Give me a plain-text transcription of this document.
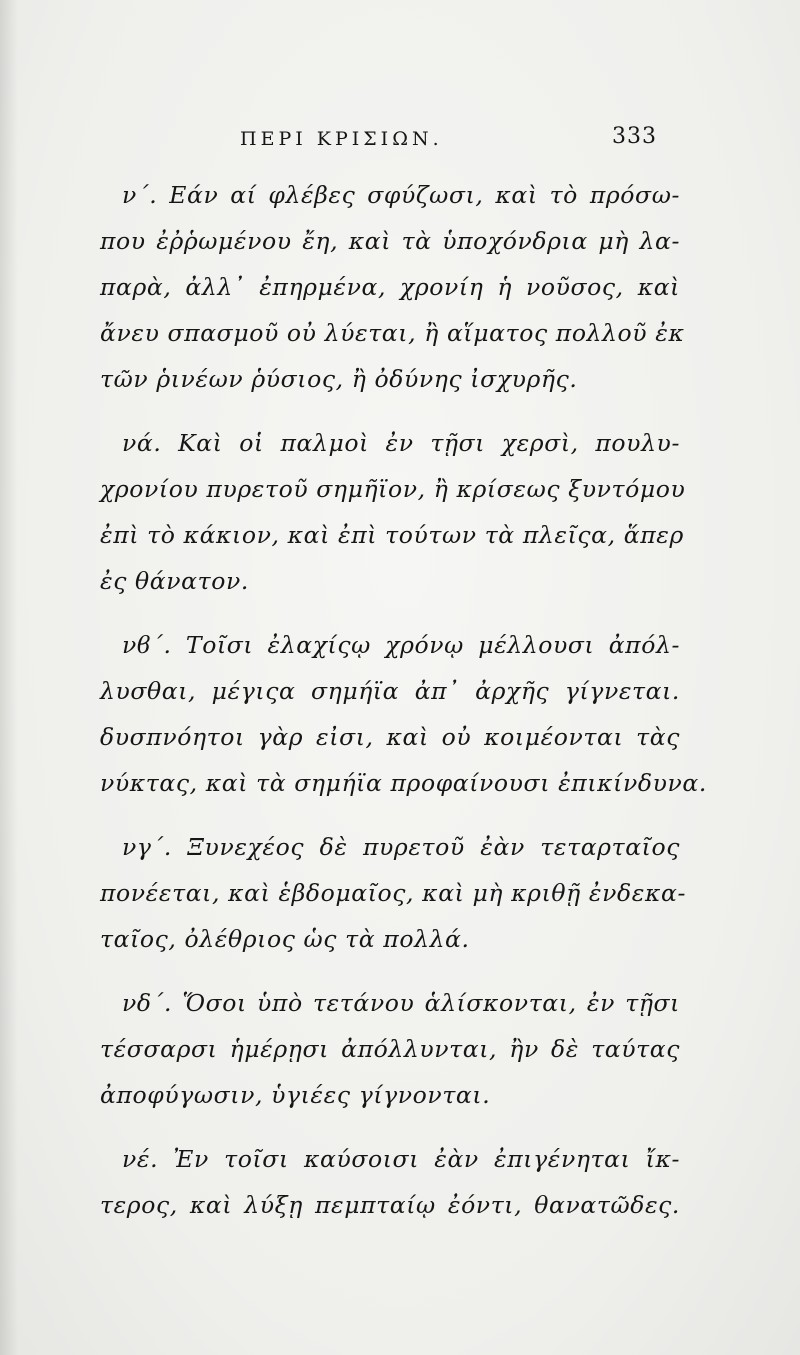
ΠΕΡΙ ΚΡΙΣΙΩΝ.	333
ν΄. Εάν αί φλέβες σφύζωσι, καὶ τὸ πρόσω-
που ἐῤῥωμένου ἔη, καὶ τὰ ὑποχόνδρια μὴ λα-
παρὰ, ἀλλ᾽ ἐπηρμένα, χρονίη ἡ νοῦσος, καὶ
ἄνευ σπασμοῦ οὐ λύεται, ἢ αἵματος πολλοῦ ἐκ
τῶν ῥινέων ῥύσιος, ἢ ὀδύνης ἰσχυρῆς.
νά. Καὶ οἱ παλμοὶ ἐν τῇσι χερσὶ, πουλυ-
χρονίου πυρετοῦ σημῆϊον, ἢ κρίσεως ξυντόμου
ἐπὶ τὸ κάκιον, καὶ ἐπὶ τούτων τὰ πλεῖςα, ἅπερ
ἐς θάνατον.
νϐ΄. Τοῖσι ἐλαχίςῳ χρόνῳ μέλλουσι ἀπόλ-
λυσθαι, μέγιςα σημήϊα ἀπ᾽ ἀρχῆς γίγνεται.
δυσπνόητοι γὰρ εἰσι, καὶ οὐ κοιμέονται τὰς
νύκτας, καὶ τὰ σημήϊα προφαίνουσι ἐπικίνδυνα.
νγ΄. Ξυνεχέος δὲ πυρετοῦ ἐὰν τεταρταῖος
πονέεται, καὶ ἑβδομαῖος, καὶ μὴ κριθῇ ἐνδεκα-
ταῖος, ὀλέθριος ὡς τὰ πολλά.
νδ΄. Ὅσοι ὑπὸ τετάνου ἁλίσκονται, ἐν τῇσι
τέσσαρσι ἡμέρῃσι ἀπόλλυνται, ἢν δὲ ταύτας
ἀποφύγωσιν, ὑγιέες γίγνονται.
νέ. Ἐν τοῖσι καύσοισι ἐὰν ἐπιγένηται ἴκ-
τερος, καὶ λύξῃ πεμπταίῳ ἐόντι, θανατῶδες.
